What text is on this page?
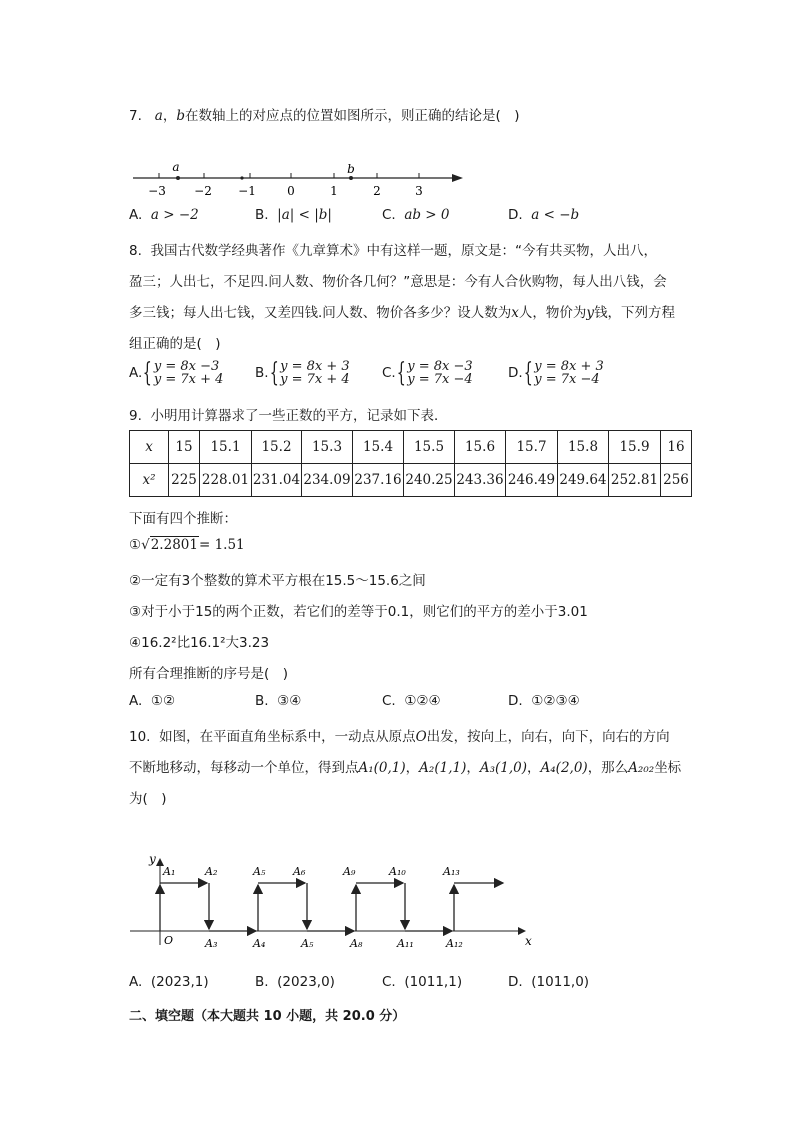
7. a，b在数轴上的对应点的位置如图所示，则正确的结论是(　)
a	b
−3 −2 −1	0	1	2	3
A. a > −2	B. |a| < |b|	C. ab > 0	D. a < −b
8. 我国古代数学经典著作《九章算术》中有这样一题，原文是：“今有共买物，人出八，
盈三；人出七，不足四.问人数、物价各几何？”意思是：今有人合伙购物，每人出八钱，会
多三钱；每人出七钱，又差四钱.问人数、物价各多少？设人数为x人，物价为y钱，下列方程
组正确的是(　)
A.{ y = 8x −3
y = 7x + 4 B.{ y = 8x + 3
y = 7x + 4 C.{ y = 8x −3
y = 7x −4	D.{ y = 8x + 3
y = 7x −4
9. 小明用计算器求了一些正数的平方，记录如下表．
x	15	15.1	15.2	15.3	15.4	15.5	15.6	15.7	15.8	15.9	16
x²	225	228.01	231.04	234.09	237.16	240.25	243.36	246.49	249.64	252.81	256
下面有四个推断：
①√2.2801= 1.51
②一定有3个整数的算术平方根在15.5～15.6之间
③对于小于15的两个正数，若它们的差等于0.1，则它们的平方的差小于3.01
④16.2²比16.1²大3.23
所有合理推断的序号是(　)
A. ①②	B. ③④	C. ①②④	D. ①②③④
10. 如图，在平面直角坐标系中，一动点从原点O出发，按向上，向右，向下，向右的方向
不断地移动，每移动一个单位，得到点A₁(0,1)，A₂(1,1)，A₃(1,0)，A₄(2,0)，那么A₂₀₂坐标
为(　)
y
x
O
A₁	A₂	A₅	A₆	A₉	A₁₀	A₁₃
A₃	A₄	A₅	A₈	A₁₁	A₁₂
A. (2023,1)	B. (2023,0)	C. (1011,1)	D. (1011,0)
二、填空题（本大题共 10 小题，共 20.0 分）
